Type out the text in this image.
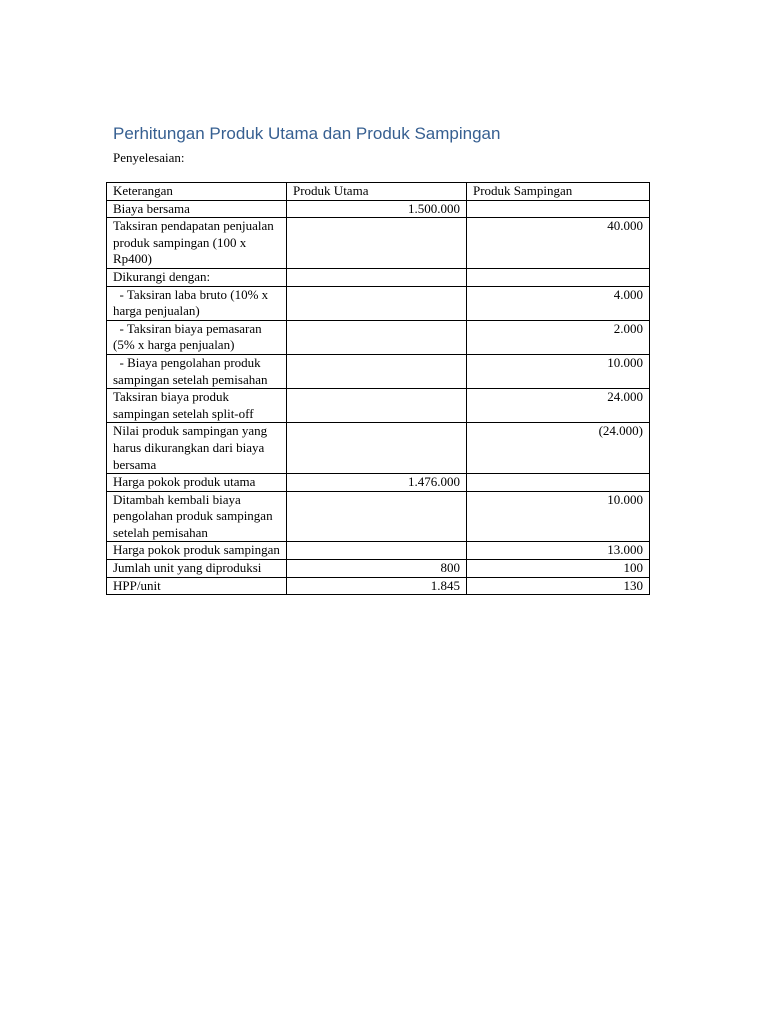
Perhitungan Produk Utama dan Produk Sampingan
Penyelesaian:
Keterangan	Produk Utama	Produk Sampingan
Biaya bersama	1.500.000	
Taksiran pendapatan penjualan produk sampingan (100 x Rp400)		40.000
Dikurangi dengan:		
- Taksiran laba bruto (10% x harga penjualan)		4.000
- Taksiran biaya pemasaran (5% x harga penjualan)		2.000
- Biaya pengolahan produk sampingan setelah pemisahan		10.000
Taksiran biaya produk sampingan setelah split-off		24.000
Nilai produk sampingan yang harus dikurangkan dari biaya bersama		(24.000)
Harga pokok produk utama	1.476.000	
Ditambah kembali biaya pengolahan produk sampingan setelah pemisahan		10.000
Harga pokok produk sampingan		13.000
Jumlah unit yang diproduksi	800	100
HPP/unit	1.845	130
